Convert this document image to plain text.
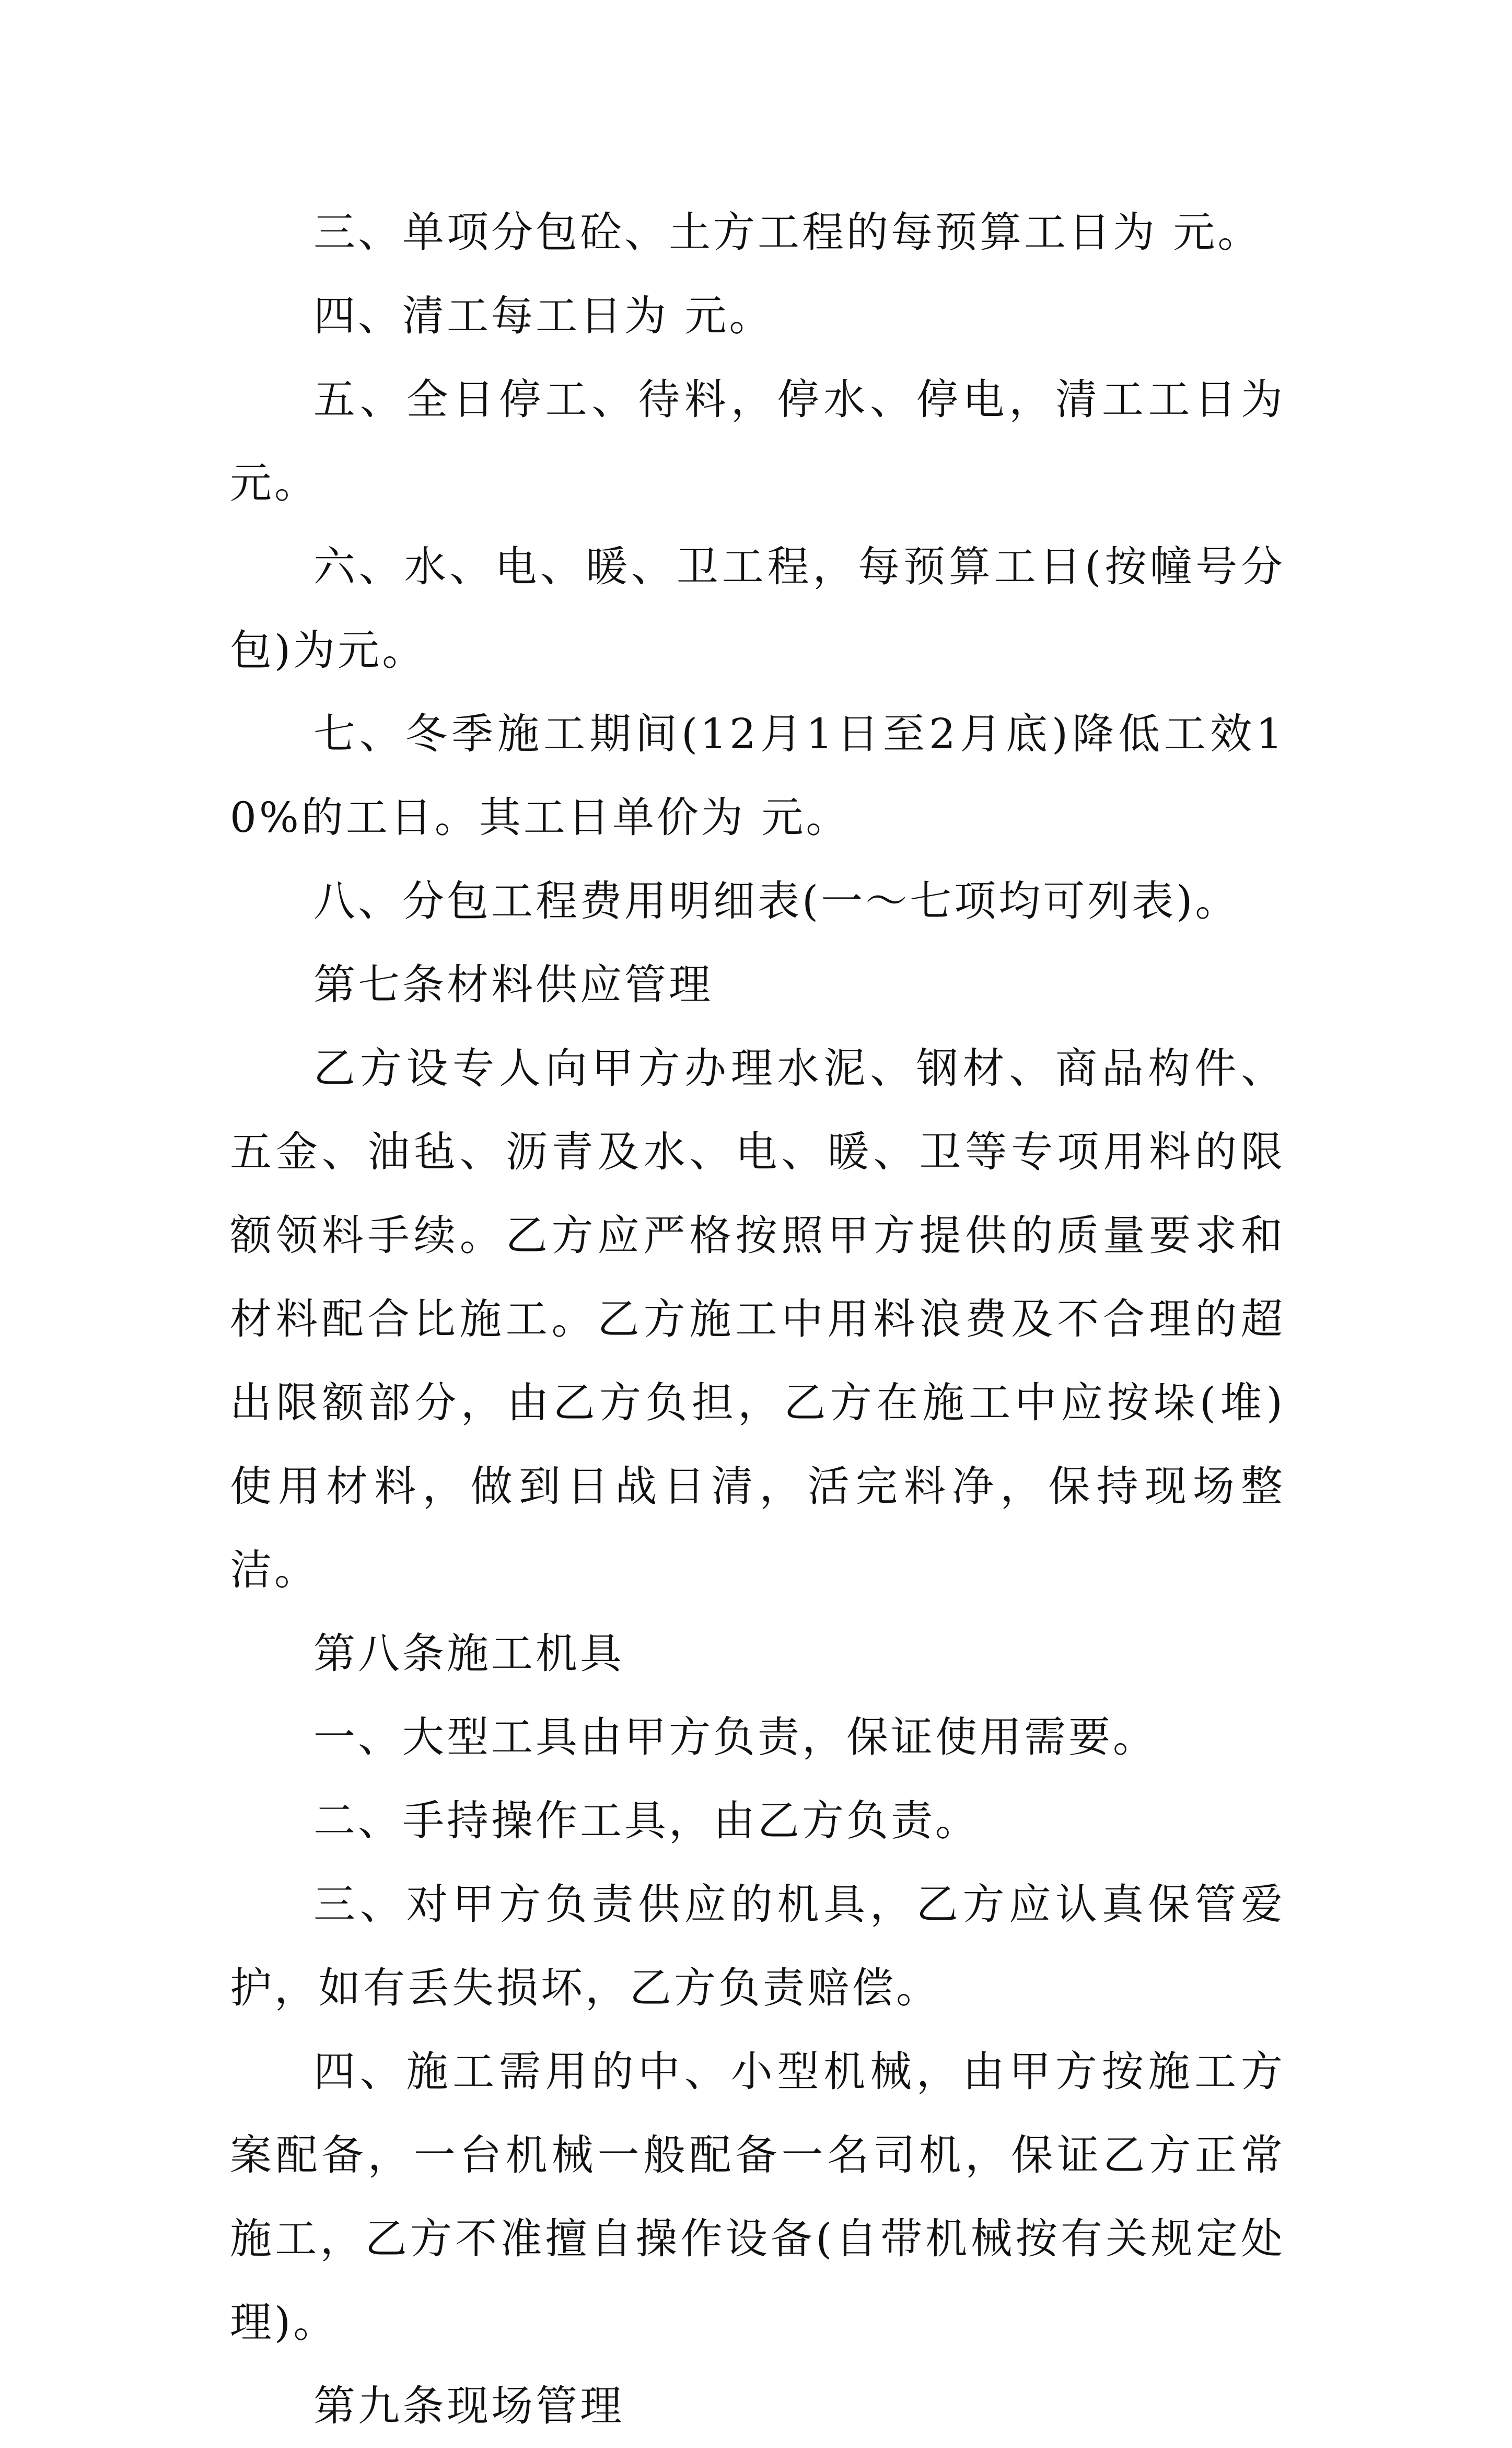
三、单项分包砼、土方工程的每预算工日为 元。

四、清工每工日为 元。

五、全日停工、待料，停水、停电，清工工日为 元。

六、水、电、暖、卫工程，每预算工日(按幢号分包)为元。

七、冬季施工期间(12月1日至2月底)降低工效10%的工日。其工日单价为 元。

八、分包工程费用明细表(一～七项均可列表)。

第七条材料供应管理

乙方设专人向甲方办理水泥、钢材、商品构件、五金、油毡、沥青及水、电、暖、卫等专项用料的限额领料手续。乙方应严格按照甲方提供的质量要求和材料配合比施工。乙方施工中用料浪费及不合理的超出限额部分，由乙方负担，乙方在施工中应按垛(堆)使用材料，做到日战日清，活完料净，保持现场整洁。

第八条施工机具

一、大型工具由甲方负责，保证使用需要。

二、手持操作工具，由乙方负责。

三、对甲方负责供应的机具，乙方应认真保管爱护，如有丢失损坏，乙方负责赔偿。

四、施工需用的中、小型机械，由甲方按施工方案配备，一台机械一般配备一名司机，保证乙方正常施工，乙方不准擅自操作设备(自带机械按有关规定处理)。

第九条现场管理
